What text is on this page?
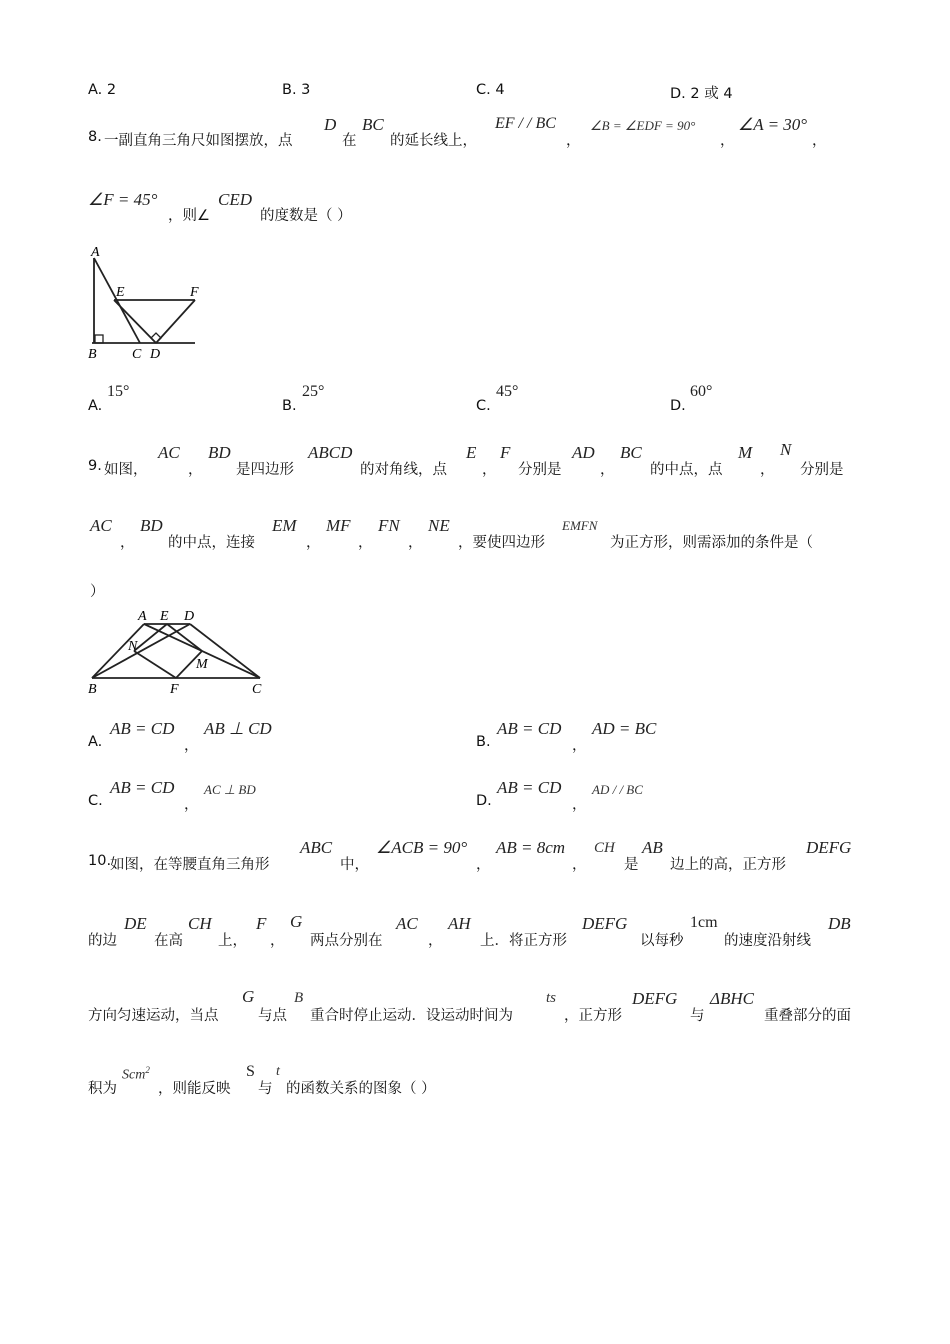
A. 2	B. 3	C. 4	D. 2 或 4
8. 一副直角三角尺如图摆放，点
D
在
BC
的延长线上，
EF / / BC
，
∠B = ∠EDF = 90°
，
∠A = 30°
，
∠F = 45°
，则∠
CED
的度数是（ ）
A
E	F
B	C D
A.
15°
B.
25°
C.
45°
D.
60°
9. 如图，
AC
，
BD
是四边形
ABCD
的对角线，点
E
，
F
分别是
AD
，
BC
的中点，点
M
，
N
分别是
AC
，
BD
的中点，连接
EM
，
MF
，
FN
，
NE
，要使四边形
EMFN
为正方形，则需添加的条件是（
）
A E D
N
M
B	F	C
A.
AB = CD
，
AB ⊥ CD
B.
AB = CD
，
AD = BC
C.
AB = CD
，
AC ⊥ BD
D.
AB = CD
，
AD / / BC
10.
如图，在等腰直角三角形
ABC
中，
∠ACB = 90°
，
AB = 8cm
，
CH
是
AB
边上的高，正方形
DEFG
的边
DE
在高
CH
上，
F
，
G
两点分别在
AC
，
AH
上．将正方形
DEFG
以每秒
1cm
的速度沿射线
DB
方向匀速运动，当点
G
与点
B
重合时停止运动．设运动时间为
ts
，正方形
DEFG
与
ΔBHC
重叠部分的面
积为
Scm$^2$
，则能反映
S
与
t
的函数关系的图象（ ）
